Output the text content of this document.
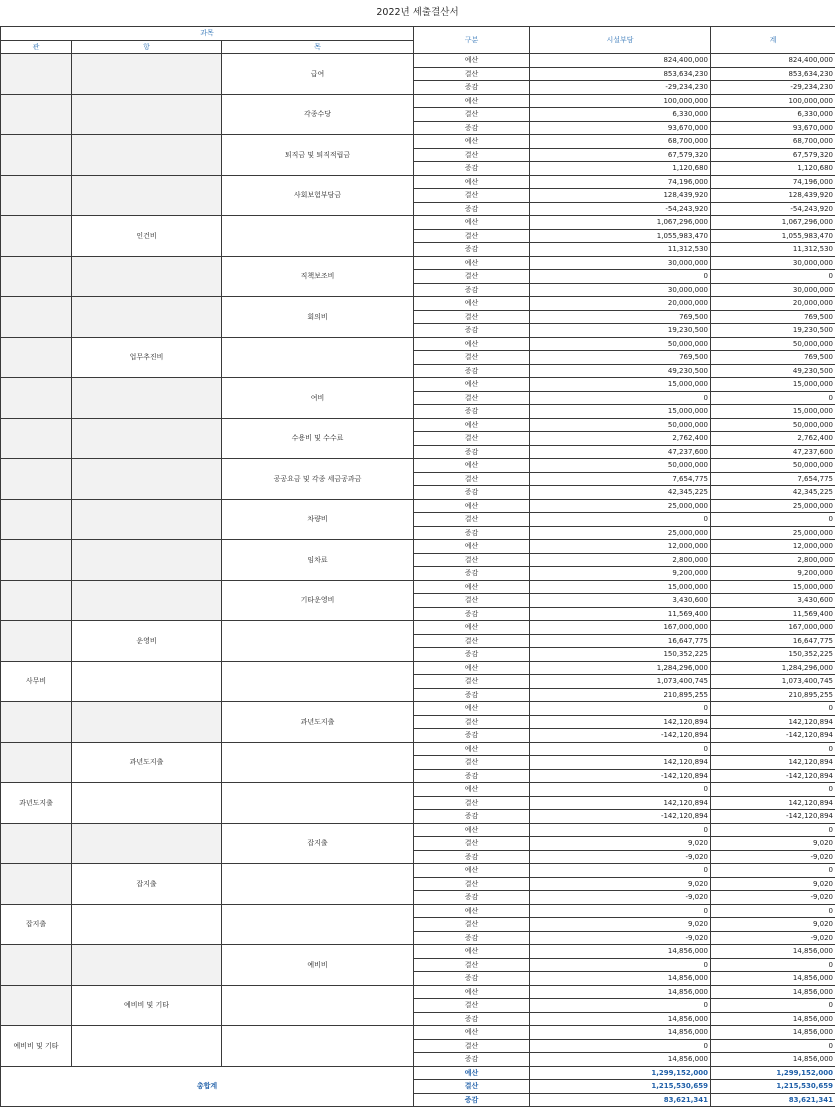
2022년 세출결산서
과목			구분	시설부담	계
관	항	목			
		급여	예산	824,400,000	824,400,000
			결산	853,634,230	853,634,230
			증감	-29,234,230	-29,234,230
		각종수당	예산	100,000,000	100,000,000
			결산	6,330,000	6,330,000
			증감	93,670,000	93,670,000
		퇴직금 및 퇴직적립금	예산	68,700,000	68,700,000
			결산	67,579,320	67,579,320
			증감	1,120,680	1,120,680
		사회보험부담금	예산	74,196,000	74,196,000
			결산	128,439,920	128,439,920
			증감	-54,243,920	-54,243,920
	인건비		예산	1,067,296,000	1,067,296,000
			결산	1,055,983,470	1,055,983,470
			증감	11,312,530	11,312,530
		직책보조비	예산	30,000,000	30,000,000
			결산	0	0
			증감	30,000,000	30,000,000
		회의비	예산	20,000,000	20,000,000
			결산	769,500	769,500
			증감	19,230,500	19,230,500
	업무추진비		예산	50,000,000	50,000,000
			결산	769,500	769,500
			증감	49,230,500	49,230,500
		여비	예산	15,000,000	15,000,000
			결산	0	0
			증감	15,000,000	15,000,000
		수용비 및 수수료	예산	50,000,000	50,000,000
			결산	2,762,400	2,762,400
			증감	47,237,600	47,237,600
		공공요금 및 각종 세금공과금	예산	50,000,000	50,000,000
			결산	7,654,775	7,654,775
			증감	42,345,225	42,345,225
		차량비	예산	25,000,000	25,000,000
			결산	0	0
			증감	25,000,000	25,000,000
		임차료	예산	12,000,000	12,000,000
			결산	2,800,000	2,800,000
			증감	9,200,000	9,200,000
		기타운영비	예산	15,000,000	15,000,000
			결산	3,430,600	3,430,600
			증감	11,569,400	11,569,400
	운영비		예산	167,000,000	167,000,000
			결산	16,647,775	16,647,775
			증감	150,352,225	150,352,225
사무비			예산	1,284,296,000	1,284,296,000
			결산	1,073,400,745	1,073,400,745
			증감	210,895,255	210,895,255
		과년도지출	예산	0	0
			결산	142,120,894	142,120,894
			증감	-142,120,894	-142,120,894
	과년도지출		예산	0	0
			결산	142,120,894	142,120,894
			증감	-142,120,894	-142,120,894
과년도지출			예산	0	0
			결산	142,120,894	142,120,894
			증감	-142,120,894	-142,120,894
		잡지출	예산	0	0
			결산	9,020	9,020
			증감	-9,020	-9,020
	잡지출		예산	0	0
			결산	9,020	9,020
			증감	-9,020	-9,020
잡지출			예산	0	0
			결산	9,020	9,020
			증감	-9,020	-9,020
		예비비	예산	14,856,000	14,856,000
			결산	0	0
			증감	14,856,000	14,856,000
	예비비 및 기타		예산	14,856,000	14,856,000
			결산	0	0
			증감	14,856,000	14,856,000
예비비 및 기타			예산	14,856,000	14,856,000
			결산	0	0
			증감	14,856,000	14,856,000
총합계			예산	1,299,152,000	1,299,152,000
			결산	1,215,530,659	1,215,530,659
			증감	83,621,341	83,621,341
